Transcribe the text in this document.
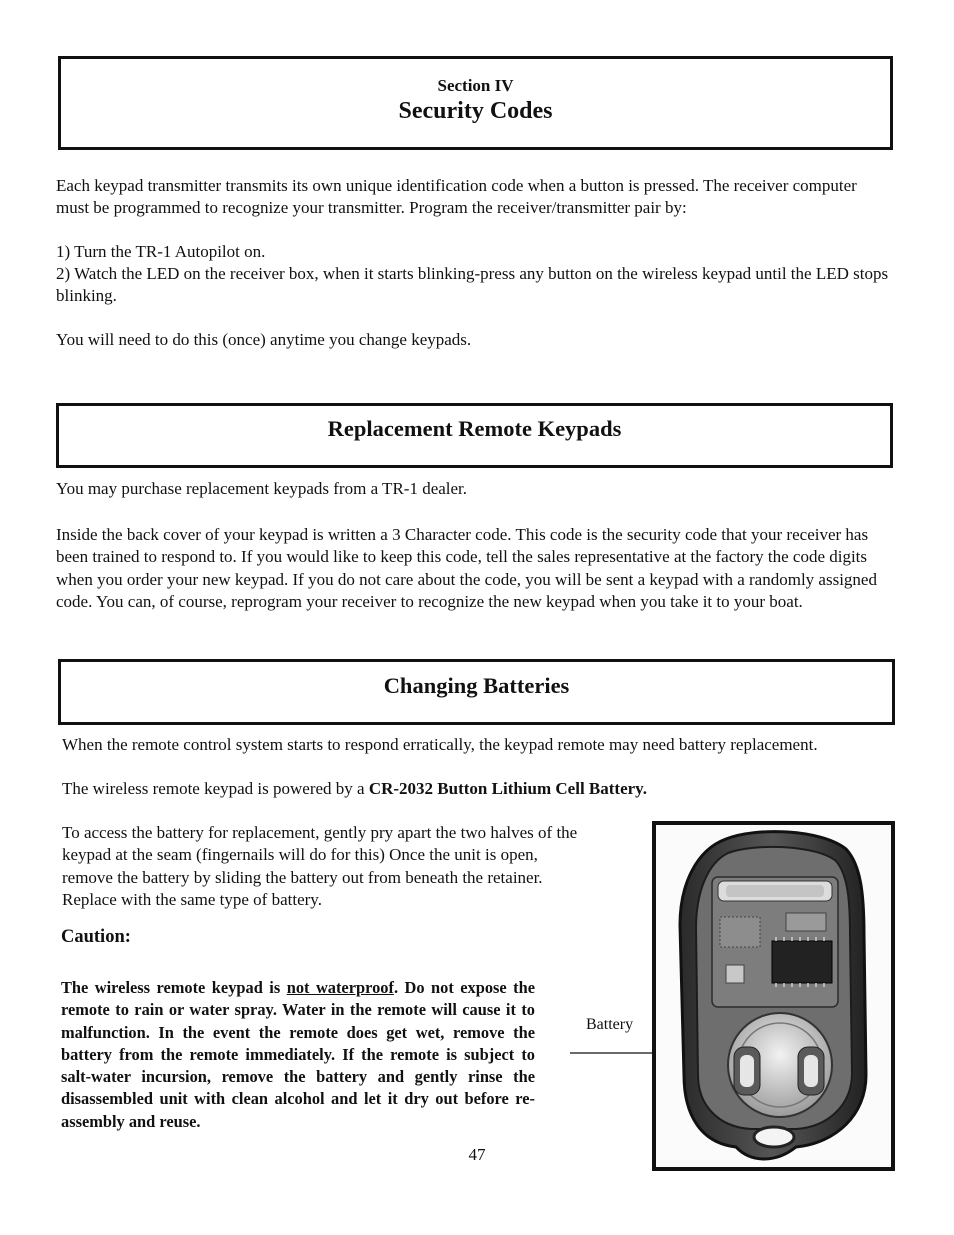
Section IV
Security Codes

Each keypad transmitter transmits its own unique identification code when a button is pressed. The receiver computer must be programmed to recognize your transmitter. Program the receiver/transmitter pair by:

1) Turn the TR-1 Autopilot on.

2) Watch the LED on the receiver box, when it starts blinking-press any button on the wireless keypad until the LED stops blinking.

You will need to do this (once) anytime you change keypads.

Replacement Remote Keypads

You may purchase replacement keypads from a TR-1 dealer.

Inside the back cover of your keypad is written a 3 Character code. This code is the security code that your receiver has been trained to respond to. If you would like to keep this code, tell the sales representative at the factory the code digits when you order your new keypad. If you do not care about the code, you will be sent a keypad with a randomly assigned code. You can, of course, reprogram your receiver to recognize the new keypad when you take it to your boat.

Changing Batteries

When the remote control system starts to respond erratically, the keypad remote may need battery replacement.

The wireless remote keypad is powered by a CR-2032 Button Lithium Cell Battery.

To access the battery for replacement, gently pry apart the two halves of the keypad at the seam (fingernails will do for this) Once the unit is open, remove the battery by sliding the battery out from beneath the retainer. Replace with the same type of battery.

Caution:

The wireless remote keypad is not waterproof. Do not expose the remote to rain or water spray. Water in the remote will cause it to malfunction. In the event the remote does get wet, remove the battery from the remote immediately. If the remote is subject to salt-water incursion, remove the battery and gently rinse the disassembled unit with clean alcohol and let it dry out before re-assembly and reuse.

Battery
47
